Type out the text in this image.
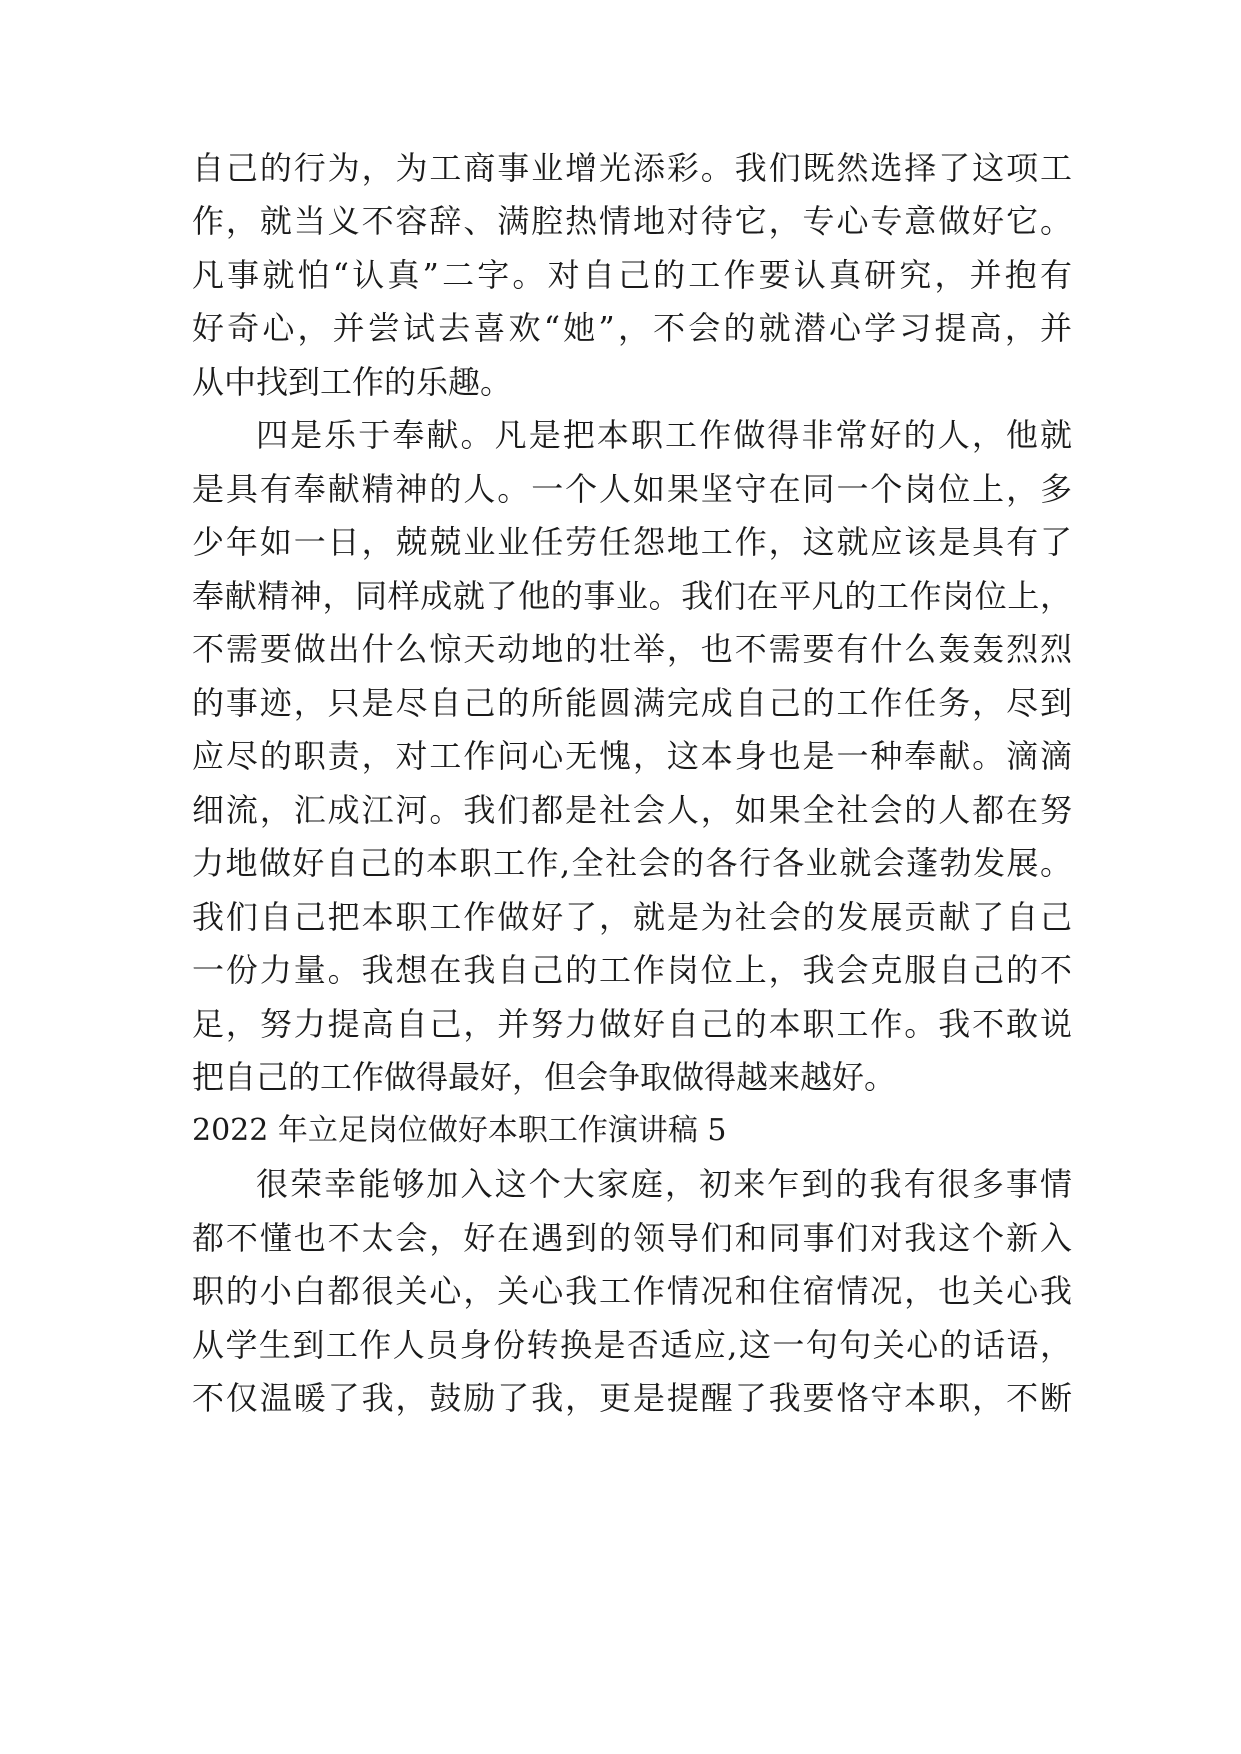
自己的行为，为工商事业增光添彩。我们既然选择了这项工
作，就当义不容辞、满腔热情地对待它，专心专意做好它。
凡事就怕“认真”二字。对自己的工作要认真研究，并抱有
好奇心，并尝试去喜欢“她”，不会的就潜心学习提高，并
从中找到工作的乐趣。
四是乐于奉献。凡是把本职工作做得非常好的人，他就
是具有奉献精神的人。一个人如果坚守在同一个岗位上，多
少年如一日，兢兢业业任劳任怨地工作，这就应该是具有了
奉献精神，同样成就了他的事业。我们在平凡的工作岗位上，
不需要做出什么惊天动地的壮举，也不需要有什么轰轰烈烈
的事迹，只是尽自己的所能圆满完成自己的工作任务，尽到
应尽的职责，对工作问心无愧，这本身也是一种奉献。滴滴
细流，汇成江河。我们都是社会人，如果全社会的人都在努
力地做好自己的本职工作,全社会的各行各业就会蓬勃发展。
我们自己把本职工作做好了，就是为社会的发展贡献了自己
一份力量。我想在我自己的工作岗位上，我会克服自己的不
足，努力提高自己，并努力做好自己的本职工作。我不敢说
把自己的工作做得最好，但会争取做得越来越好。
2022 年立足岗位做好本职工作演讲稿 5
很荣幸能够加入这个大家庭，初来乍到的我有很多事情
都不懂也不太会，好在遇到的领导们和同事们对我这个新入
职的小白都很关心，关心我工作情况和住宿情况，也关心我
从学生到工作人员身份转换是否适应,这一句句关心的话语，
不仅温暖了我，鼓励了我，更是提醒了我要恪守本职，不断
